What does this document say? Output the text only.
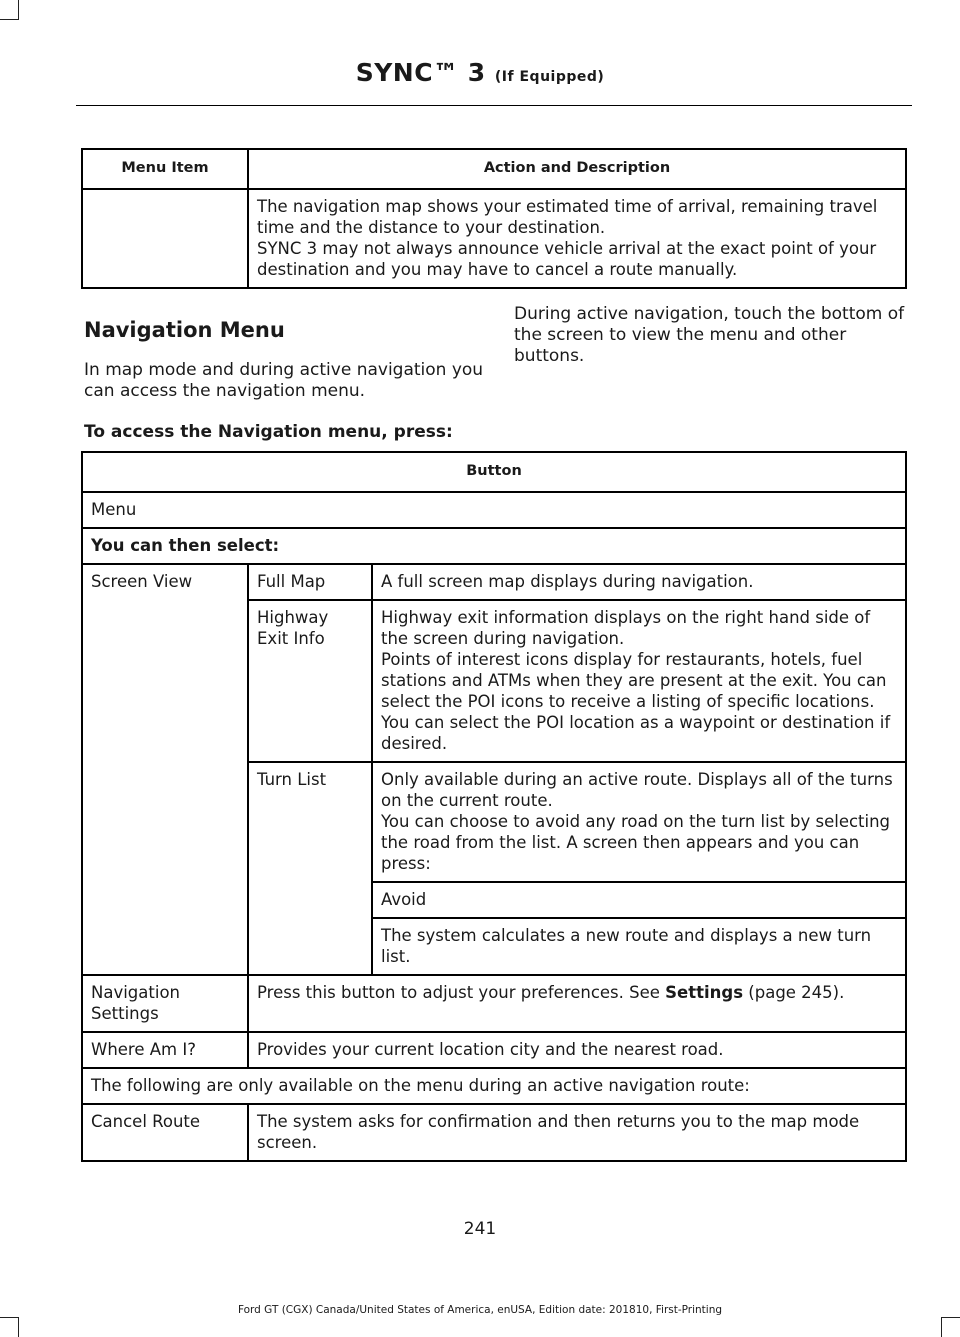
SYNC™ 3 (If Equipped)
Menu Item	Action and Description

	The navigation map shows your estimated time of arrival, remaining travel time and the distance to your destination.

SYNC 3 may not always announce vehicle arrival at the exact point of your destination and you may have to cancel a route manually.

Navigation Menu
In map mode and during active navigation you can access the navigation menu.
During active navigation, touch the bottom of the screen to view the menu and other buttons.
To access the Navigation menu, press:
Button		
Menu		
You can then select:		
Screen View	Full Map	A full screen map displays during navigation.
	Highway Exit Info	Highway exit information displays on the right hand side of the screen during navigation.

Points of interest icons display for restaurants, hotels, fuel stations and ATMs when they are present at the exit. You can select the POI icons to receive a listing of specific locations. You can select the POI location as a waypoint or destination if desired.

	Turn List	Only available during an active route. Displays all of the turns on the current route.

You can choose to avoid any road on the turn list by selecting the road from the list. A screen then appears and you can press:

		Avoid
		The system calculates a new route and displays a new turn list.
Navigation Settings	Press this button to adjust your preferences. See Settings (page 245).	
Where Am I?	Provides your current location city and the nearest road.	
The following are only available on the menu during an active navigation route:		
Cancel Route	The system asks for confirmation and then returns you to the map mode screen.	
241
Ford GT (CGX) Canada/United States of America, enUSA, Edition date: 201810, First-Printing
